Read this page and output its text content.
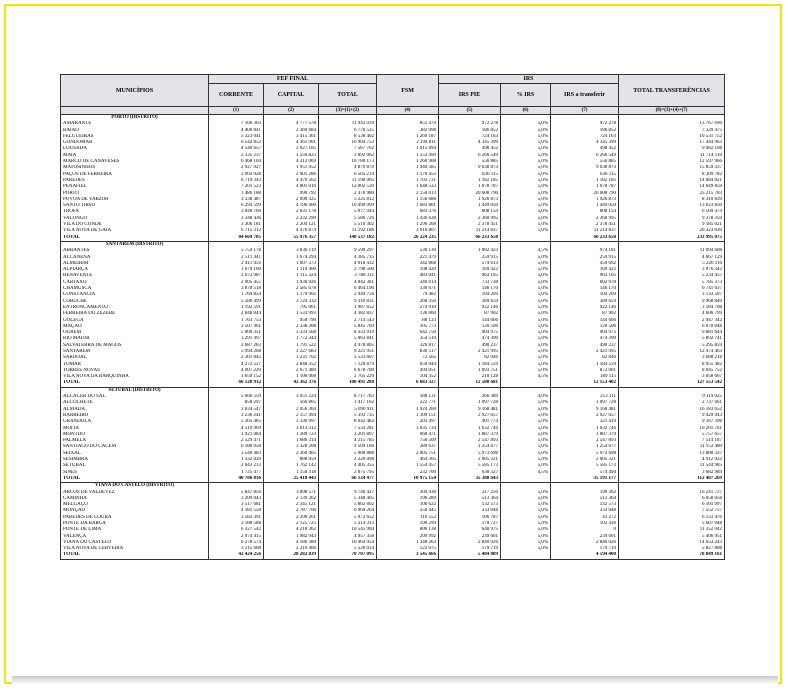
MUNICÍPIOS	FEF FINAL			FSM	IRS			TOTAL TRANSFERÊNCIAS
	CORRENTE	CAPITAL	TOTAL		IRS PIE	% IRS	IRS a transferir	
	(1)	(2)	(3)=(1)+(2)	(4)	(5)	(6)	(7)	(8)=(3)+(4)+(7)
PORTO (DISTRITO)								
AMARANTE	7 166 363	4 777 578	11 943 939	851 479	972 278	5,0%	972 278	13 767 696
BAIÃO	4 400 841	2 369 684	6 770 525	382 098	186 852	5,0%	186 852	7 339 475
FELGUEIRAS	5 323 041	3 415 361	8 538 402	1 269 187	724 163	5,0%	724 163	10 531 752
GONDOMAR	6 542 852	4 361 901	10 904 753	2 194 811	4 345 399	5,0%	4 345 399	17 444 963
LOUSADA	4 540 657	3 027 105	7 567 762	1 015 894	498 452	5,0%	498 452	9 082 108
MAIA	2 335 237	1 556 825	3 892 062	1 553 499	6 266 549	5,0%	6 266 549	11 714 110
MARCO DE CANAVESES	6 468 104	4 312 069	10 780 173	1 260 908	556 885	5,0%	556 885	12 597 966
MATOSINHOS	2 927 927	1 951 952	4 879 879	1 940 585	9 038 873	5,0%	9 038 873	15 859 337
PAÇOS DE FERREIRA	3 903 928	2 601 286	6 505 214	1 170 453	636 115	5,0%	636 115	8 309 782
PAREDES	6 719 343	4 479 562	11 198 905	1 703 731	1 182 185	5,0%	1 182 185	14 084 821
PENAFIEL	7 201 523	4 801 016	12 002 539	1 648 533	1 078 787	5,0%	1 078 787	14 649 859
PORTO	1 486 188	990 792	2 476 980	2 150 013	20 608 790	5,0%	20 608 790	25 215 783
PÓVOA DE VARZIM	3 338 487	2 090 325	5 225 812	1 156 688	1 926 873	5,0%	1 926 873	8 310 839
SANTO TIRSO	6 294 599	4 196 400	10 490 999	1 083 801	1 449 050	5,0%	1 449 050	13 023 850
TROFA	3 046 766	2 031 178	5 077 944	683 376	808 154	5,0%	808 154	6 569 474
VALONGO	3 348 436	2 232 290	5 580 726	1 436 638	2 360 995	5,0%	2 360 995	9 378 359
VILA DO CONDE	3 306 181	2 204 121	5 510 302	1 296 268	2 378 451	5,0%	2 378 451	9 185 021
VILA NOVA DE GAIA	6 715 312	4 476 874	11 192 186	3 916 807	11 214 837	5,0%	11 214 837	26 323 830
TOTAL	84 669 785	55 976 357	140 537 182	26 224 235	66 233 658		66 233 658	233 995 075
SANTARÉM (DISTRITO)								
ABRANTES	5 754 178	3 836 119	9 590 297	530 130	1 082 423	4,5%	974 181	11 094 608
ALCANENA	2 511 441	1 674 294	4 185 735	221 479	259 915	5,0%	259 915	4 667 129
ALMEIRIM	2 411 059	1 607 373	4 018 432	342 868	574 613	5,0%	459 692	5 220 116
ALPIARÇA	1 679 100	1 119 400	2 798 500	108 420	169 422	5,0%	169 422	3 076 342
BENAVENTE	2 672 987	1 115 324	3 788 311	483 041	963 105	5,0%	963 105	5 234 457
CARTAXO	2 905 455	1 936 926	4 842 381	340 014	733 738	5,0%	602 978	5 785 373
CHAMUSCA	3 878 518	2 585 678	6 464 196	130 671	146 170	5,0%	146 170	6 741 037
CONSTÂNCIA	1 769 854	1 179 902	2 949 756	79 482	104 269	5,0%	104 269	3 133 507
CORUCHE	5 586 499	3 724 332	9 310 831	268 350	389 659	5,0%	389 659	9 968 840
ENTRONCAMENTO	1 192 591	795 061	1 987 652	274 910	922 146	5,0%	922 146	3 184 708
FERREIRA DO ZÊZERE	2 848 844	1 533 993	4 382 837	136 060	87 902	5,0%	87 902	4 606 799
GOLEGÃ	1 763 753	950 790	2 714 543	88 133	144 666	5,0%	144 666	2 947 342
MAÇÃO	3 507 461	2 338 308	5 845 769	105 773	120 506	5,0%	120 506	6 070 048
OURÉM	5 000 351	3 333 568	8 333 919	642 750	904 975	5,0%	904 975	9 881 644
RIO MAIOR	3 291 497	1 772 344	5 063 841	354 510	474 390	5,0%	474 390	5 892 741
SALVATERRA DE MAGOS	2 687 283	1 791 522	4 478 805	326 817	490 237	5,0%	490 237	5 295 859
SANTARÉM	5 994 268	3 227 683	9 221 951	830 517	2 421 995	5,0%	2 421 995	12 474 463
SARDOAL	2 301 845	1 231 762	3 533 607	72 565	82 046	5,0%	82 046	3 688 218
TOMAR	4 272 527	2 848 352	7 120 879	650 044	1 184 559	5,0%	1 184 559	8 955 482
TORRES NOVAS	4 007 220	2 671 480	6 678 700	494 051	1 093 751	5,0%	873 001	8 045 752
VILA NOVA DA BARQUINHA	1 659 152	1 106 068	2 765 220	104 352	210 128	4,5%	189 115	3 058 667
TOTAL	66 128 912	42 362 376	108 491 288	6 683 327	12 580 681		12 153 402	127 553 542
SETÚBAL (DISTRITO)								
ALCÁCER DO SAL	5 666 559	3 051 224	8 717 783	188 131	266 389	4,0%	213 111	9 119 025
ALCOCHETE	850 297	566 865	1 417 162	222 771	1 097 728	5,0%	1 097 728	2 737 661
ALMADA	3 034 547	2 056 364	5 090 911	1 924 260	9 168 481	5,0%	9 168 481	16 183 652
BARREIRO	3 236 241	2 157 494	5 393 735	1 109 151	2 927 057	5,0%	2 927 057	9 429 943
GRÂNDOLA	5 305 485	3 336 997	8 642 482	203 497	401 774	5,0%	321 419	9 167 398
MOITA	4 519 969	3 013 312	7 533 281	1 035 734	1 632 746	5,0%	1 632 746	10 201 761
MONTIJO	1 921 084	1 280 723	3 201 807	668 471	1 887 379	5,0%	1 887 379	5 757 657
PALMELA	2 529 471	1 686 314	4 215 785	750 509	2 547 893	5,0%	2 547 893	7 514 187
SANTIAGO DO CACÉM	6 180 958	3 328 208	9 509 166	389 637	1 254 677	5,0%	1 254 677	11 153 480
SEIXAL	3 540 483	2 360 405	5 900 888	2 005 751	5 973 698	5,0%	5 973 698	13 880 337
SESIMBRA	1 332 039	888 059	2 220 098	464 305	2 005 321	5,0%	2 005 321	4 912 022
SETÚBAL	2 643 213	1 762 142	4 405 355	1 554 457	5 585 173	5,0%	5 585 173	11 544 985
SINES	1 725 477	1 150 318	2 875 795	232 700	638 327	4,5%	574 494	3 682 989
TOTAL	40 706 836	25 418 443	66 124 477	10 975 154	35 388 643		35 191 177	112 487 269
VIANA DO CASTELO (DISTRITO)								
ARCOS DE VALDEVEZ	5 847 856	3 898 571	9 746 427	304 938	317 250	5,0%	190 362	10 241 727
CAMINHA	3 209 043	2 139 362	5 348 405	196 289	513 364	5,0%	513 364	6 058 058
MELGAÇO	3 517 681	2 345 121	5 862 802	106 622	132 573	5,0%	132 573	6 101 997
MONÇÃO	4 181 558	2 787 706	6 969 264	250 445	333 048	5,0%	333 048	7 552 757
PAREDES DE COURA	3 583 391	2 390 261	5 973 652	116 552	106 787	5,0%	43 272	6 133 476
PONTE DA BARCA	3 188 588	2 125 725	5 314 313	190 299	170 727	5,0%	102 436	5 607 048
PONTE DE LIMA	6 327 542	4 218 362	10 545 904	806 138	648 975	5,0%	0	11 352 042
VALENÇA	2 974 415	1 982 943	4 957 358	209 992	239 601	5,0%	239 601	5 406 951
VIANA DO CASTELO	6 278 574	4 186 380	10 464 954	1 348 263	2 840 026	5,0%	2 840 026	14 653 243
VILA NOVA DE CERVEIRA	3 315 608	2 210 406	5 526 014	122 075	179 719	5,0%	179 719	5 827 808
TOTAL	42 424 256	28 282 839	70 707 095	3 545 666	5 484 089		4 594 400	78 849 161
